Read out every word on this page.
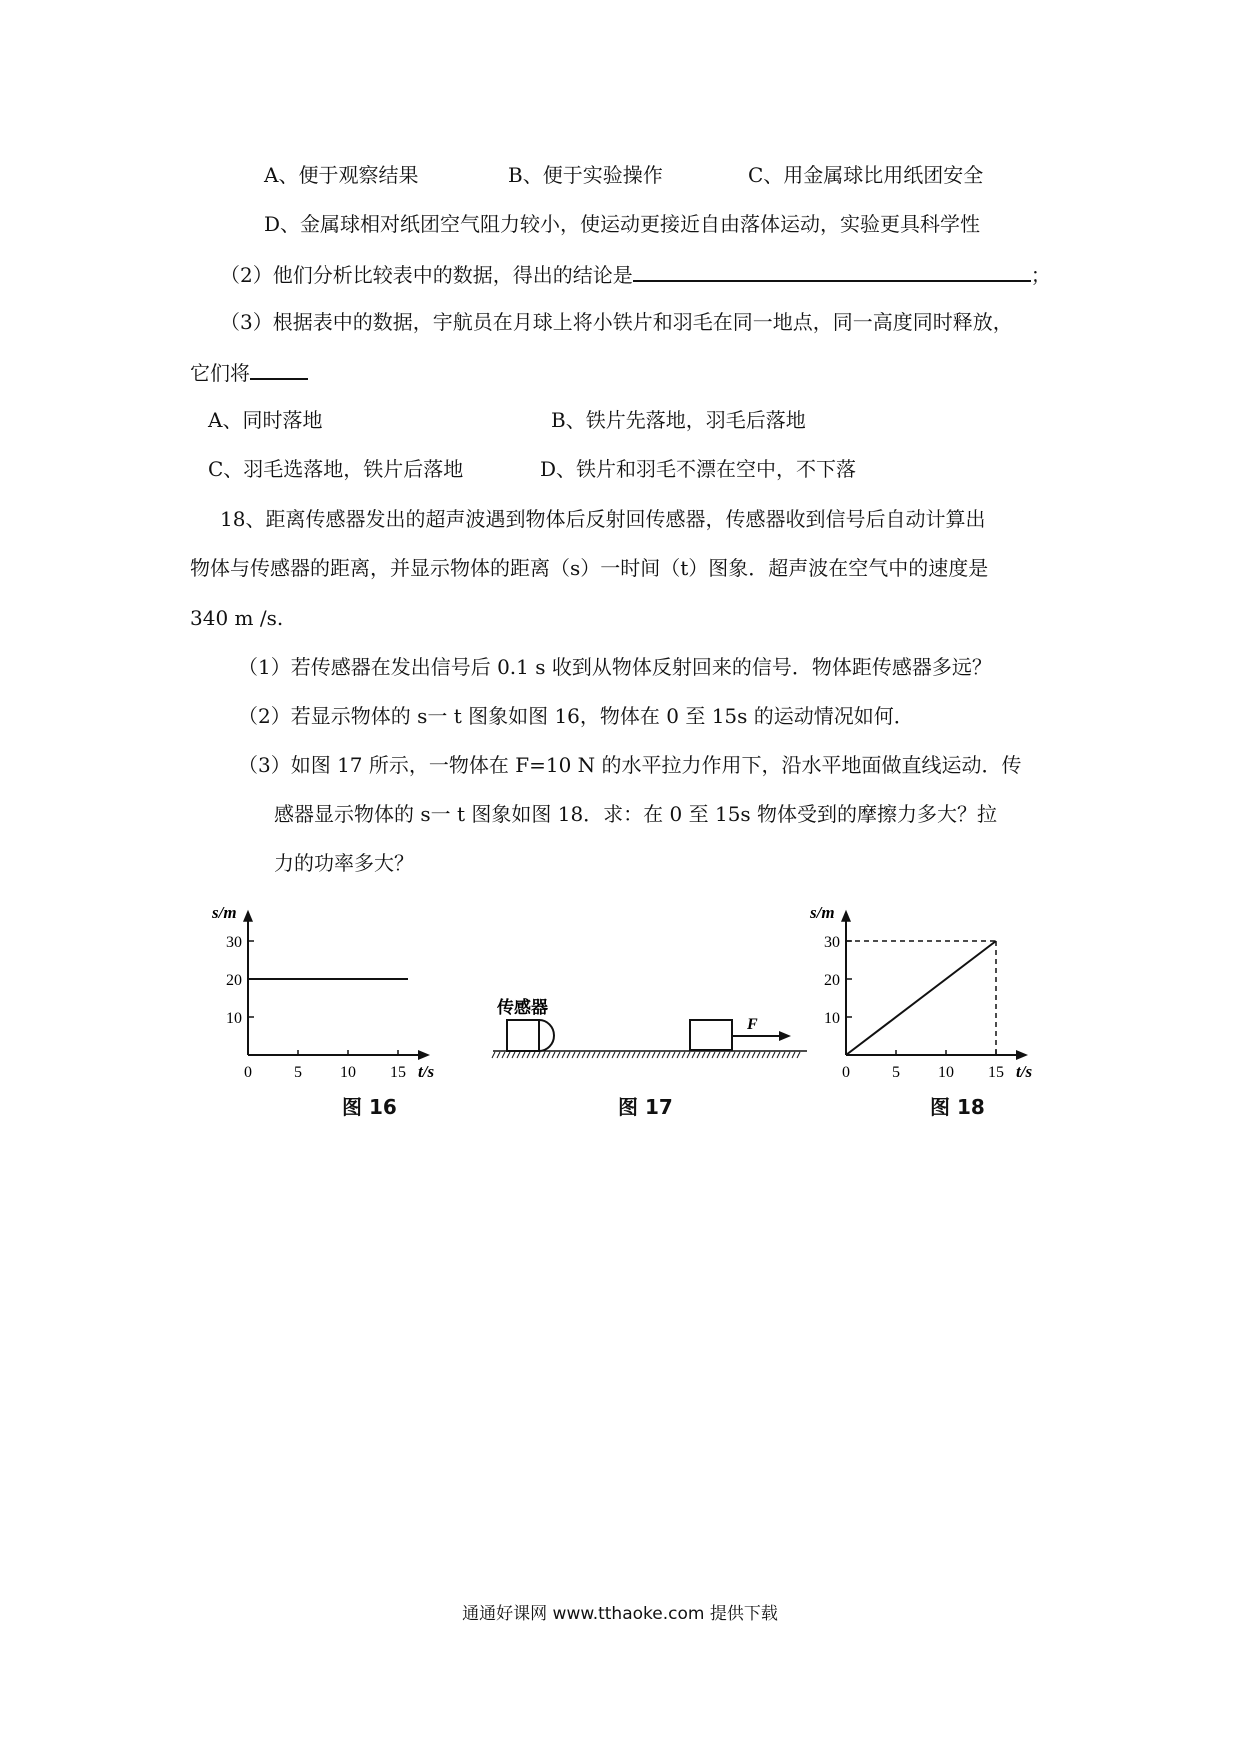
A、便于观察结果	B、便于实验操作	C、用金属球比用纸团安全
D、金属球相对纸团空气阻力较小，使运动更接近自由落体运动，实验更具科学性
（2）他们分析比较表中的数据，得出的结论是	；
（3）根据表中的数据，宇航员在月球上将小铁片和羽毛在同一地点，同一高度同时释放，
它们将
A、同时落地	B、铁片先落地，羽毛后落地
C、羽毛选落地，铁片后落地	D、铁片和羽毛不漂在空中，不下落
18、距离传感器发出的超声波遇到物体后反射回传感器，传感器收到信号后自动计算出
物体与传感器的距离，并显示物体的距离（s）一时间（t）图象．超声波在空气中的速度是
340 m /s.
（1）若传感器在发出信号后 0.1 s 收到从物体反射回来的信号．物体距传感器多远？
（2）若显示物体的 s一 t 图象如图 16，物体在 0 至 15s 的运动情况如何．
（3）如图 17 所示，一物体在 F=10 N 的水平拉力作用下，沿水平地面做直线运动．传
感器显示物体的 s一 t 图象如图 18．求：在 0 至 15s 物体受到的摩擦力多大？拉
力的功率多大？
s/m
t/s
0	5 10 15
10
20
30
图 16
传感器
F
图 17
s/m
t/s
0	5 10 15
10
20
30
图 18
通通好课网 www.tthaoke.com 提供下载
